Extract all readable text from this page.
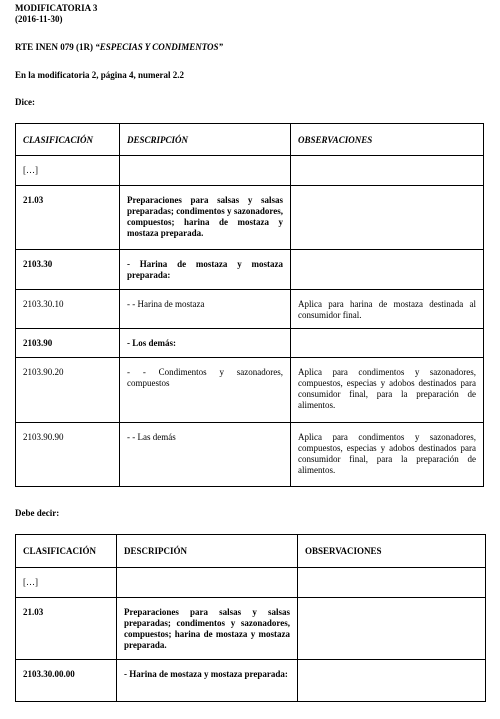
MODIFICATORIA 3
(2016-11-30)
RTE INEN 079 (1R) “ESPECIAS Y CONDIMENTOS”
En la modificatoria 2, página 4, numeral 2.2
Dice:
CLASIFICACIÓN	DESCRIPCIÓN	OBSERVACIONES

[…]		

21.03	Preparaciones para salsas y salsas preparadas; condimentos y sazonadores, compuestos; harina de mostaza y mostaza preparada.	

2103.30	- Harina de mostaza y mostaza preparada:	

2103.30.10	- - Harina de mostaza	Aplica para harina de mostaza destinada al consumidor final.

2103.90	- Los demás:	

2103.90.20	- - Condimentos y sazonadores, compuestos	Aplica para condimentos y sazonadores, compuestos, especias y adobos destinados para consumidor final, para la preparación de alimentos.

2103.90.90	- - Las demás	Aplica para condimentos y sazonadores, compuestos, especias y adobos destinados para consumidor final, para la preparación de alimentos.
Debe decir:
CLASIFICACIÓN	DESCRIPCIÓN	OBSERVACIONES

[…]		

21.03	Preparaciones para salsas y salsas preparadas; condimentos y sazonadores, compuestos; harina de mostaza y mostaza preparada.	

2103.30.00.00	- Harina de mostaza y mostaza preparada:	
